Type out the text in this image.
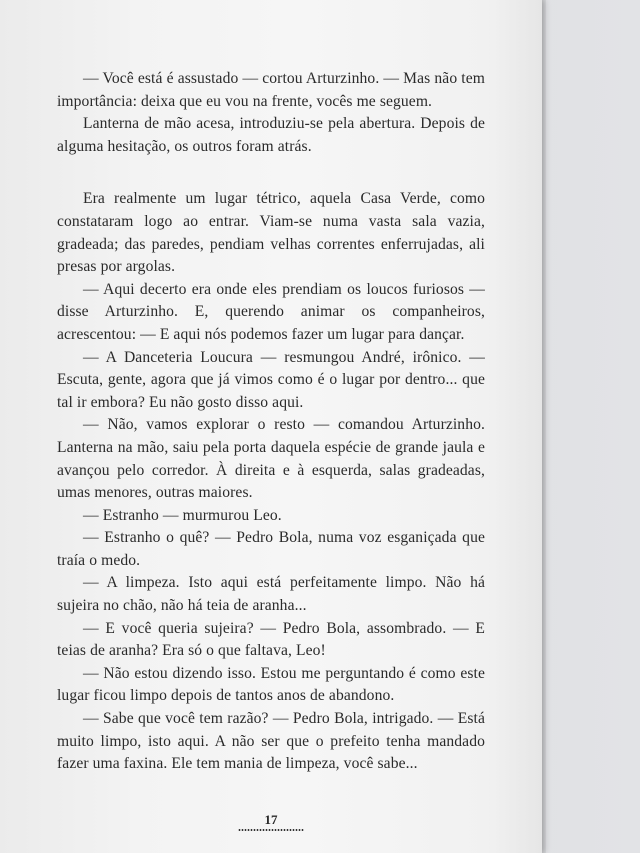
— Você está é assustado — cortou Arturzinho. — Mas não tem importância: deixa que eu vou na frente, vocês me seguem.

Lanterna de mão acesa, introduziu-se pela abertura. Depois de alguma hesitação, os outros foram atrás.

Era realmente um lugar tétrico, aquela Casa Verde, como constataram logo ao entrar. Viam-se numa vasta sala vazia, gradeada; das paredes, pendiam velhas correntes enferrujadas, ali presas por argolas.

— Aqui decerto era onde eles prendiam os loucos furiosos — disse Arturzinho. E, querendo animar os companheiros, acrescentou: — E aqui nós podemos fazer um lugar para dançar.

— A Danceteria Loucura — resmungou André, irônico. — Escuta, gente, agora que já vimos como é o lugar por dentro... que tal ir embora? Eu não gosto disso aqui.

— Não, vamos explorar o resto — comandou Arturzinho. Lanterna na mão, saiu pela porta daquela espécie de grande jaula e avançou pelo corredor. À direita e à esquerda, salas gradeadas, umas menores, outras maiores.

— Estranho — murmurou Leo.

— Estranho o quê? — Pedro Bola, numa voz esganiçada que traía o medo.

— A limpeza. Isto aqui está perfeitamente limpo. Não há sujeira no chão, não há teia de aranha...

— E você queria sujeira? — Pedro Bola, assombrado. — E teias de aranha? Era só o que faltava, Leo!

— Não estou dizendo isso. Estou me perguntando é como este lugar ficou limpo depois de tantos anos de abandono.

— Sabe que você tem razão? — Pedro Bola, intrigado. — Está muito limpo, isto aqui. A não ser que o prefeito tenha mandado fazer uma faxina. Ele tem mania de limpeza, você sabe...

17
